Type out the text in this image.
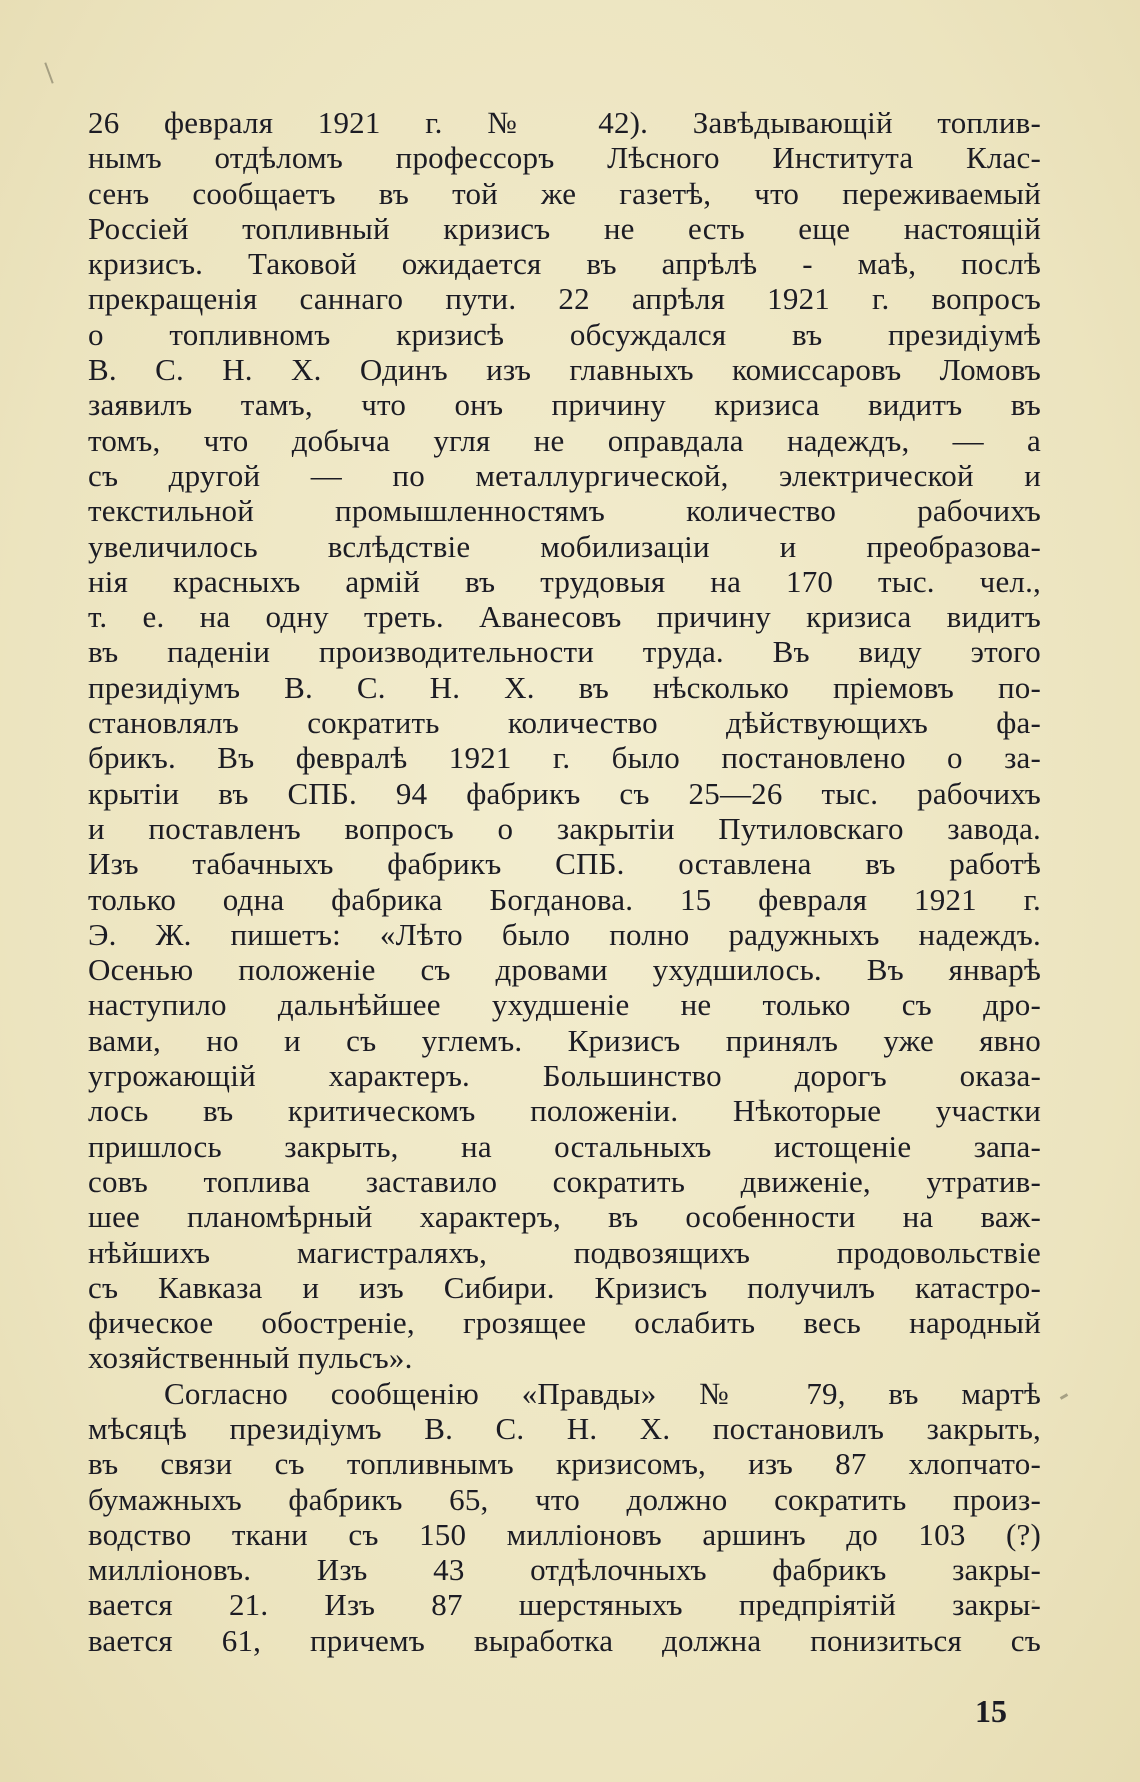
26 февраля 1921 г. № 42). Завѣдывающій топлив-
нымъ отдѣломъ профессоръ Лѣсного Института Клас-
сенъ сообщаетъ въ той же газетѣ, что переживаемый
Россіей топливный кризисъ не есть еще настоящій
кризисъ. Таковой ожидается въ апрѣлѣ - маѣ, послѣ
прекращенія саннаго пути. 22 апрѣля 1921 г. вопросъ
о топливномъ кризисѣ обсуждался въ президіумѣ
В. С. Н. Х. Одинъ изъ главныхъ комиссаровъ Ломовъ
заявилъ тамъ, что онъ причину кризиса видитъ въ
томъ, что добыча угля не оправдала надеждъ, — а
съ другой — по металлургической, электрической и
текстильной промышленностямъ количество рабочихъ
увеличилось вслѣдствіе мобилизаціи и преобразова-
нія красныхъ армій въ трудовыя на 170 тыс. чел.,
т. е. на одну треть. Аванесовъ причину кризиса видитъ
въ паденіи производительности труда. Въ виду этого
президіумъ В. С. Н. Х. въ нѣсколько пріемовъ по-
становлялъ сократить количество дѣйствующихъ фа-
брикъ. Въ февралѣ 1921 г. было постановлено о за-
крытіи въ СПБ. 94 фабрикъ съ 25—26 тыс. рабочихъ
и поставленъ вопросъ о закрытіи Путиловскаго завода.
Изъ табачныхъ фабрикъ СПБ. оставлена въ работѣ
только одна фабрика Богданова. 15 февраля 1921 г.
Э. Ж. пишетъ: «Лѣто было полно радужныхъ надеждъ.
Осенью положеніе съ дровами ухудшилось. Въ январѣ
наступило дальнѣйшее ухудшеніе не только съ дро-
вами, но и съ углемъ. Кризисъ принялъ уже явно
угрожающій характеръ. Большинство дорогъ оказа-
лось въ критическомъ положеніи. Нѣкоторые участки
пришлось закрыть, на остальныхъ истощеніе запа-
совъ топлива заставило сократить движеніе, утратив-
шее планомѣрный характеръ, въ особенности на важ-
нѣйшихъ магистраляхъ, подвозящихъ продовольствіе
съ Кавказа и изъ Сибири. Кризисъ получилъ катастро-
фическое обостреніе, грозящее ослабить весь народный
хозяйственный пульсъ».
Согласно сообщенію «Правды» № 79, въ мартѣ
мѣсяцѣ президіумъ В. С. Н. Х. постановилъ закрыть,
въ связи съ топливнымъ кризисомъ, изъ 87 хлопчато-
бумажныхъ фабрикъ 65, что должно сократить произ-
водство ткани съ 150 милліоновъ аршинъ до 103 (?)
милліоновъ. Изъ 43 отдѣлочныхъ фабрикъ закры-
вается 21. Изъ 87 шерстяныхъ предпріятій закры-
вается 61, причемъ выработка должна понизиться съ
15
